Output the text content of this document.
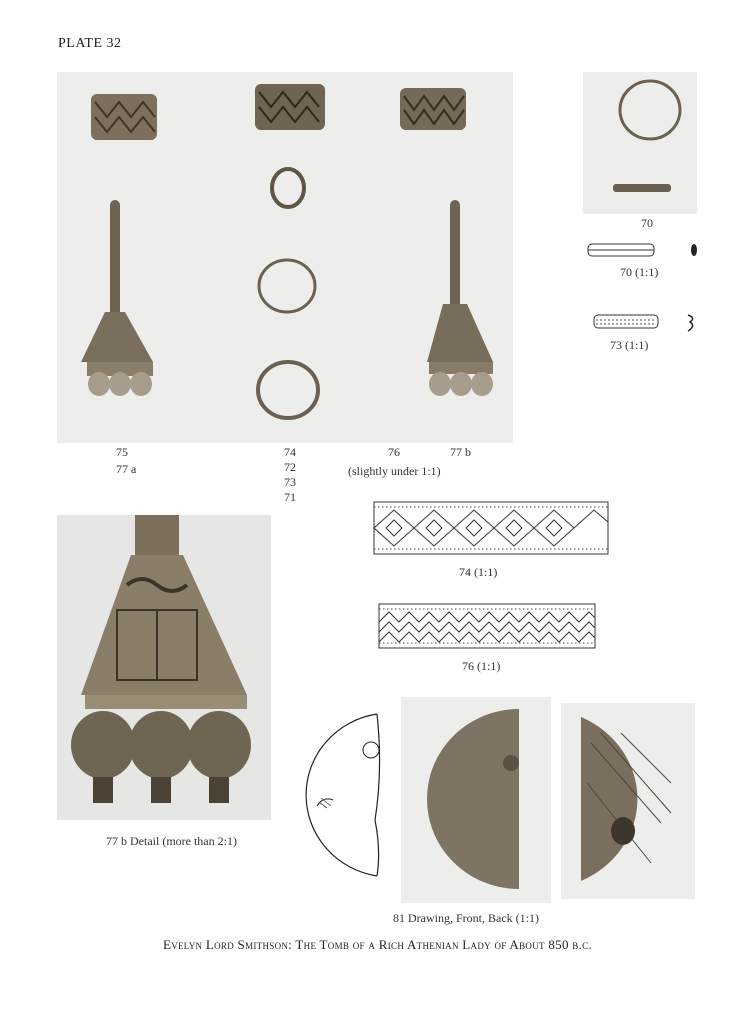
PLATE 32
75
77 a
74
72
73
71
76	77 b
(slightly under 1:1)
70
70 (1:1)
73 (1:1)
77 b Detail (more than 2:1)
74 (1:1)
76 (1:1)
81 Drawing, Front, Back (1:1)
Evelyn Lord Smithson: The Tomb of a Rich Athenian Lady of About 850 b.c.
